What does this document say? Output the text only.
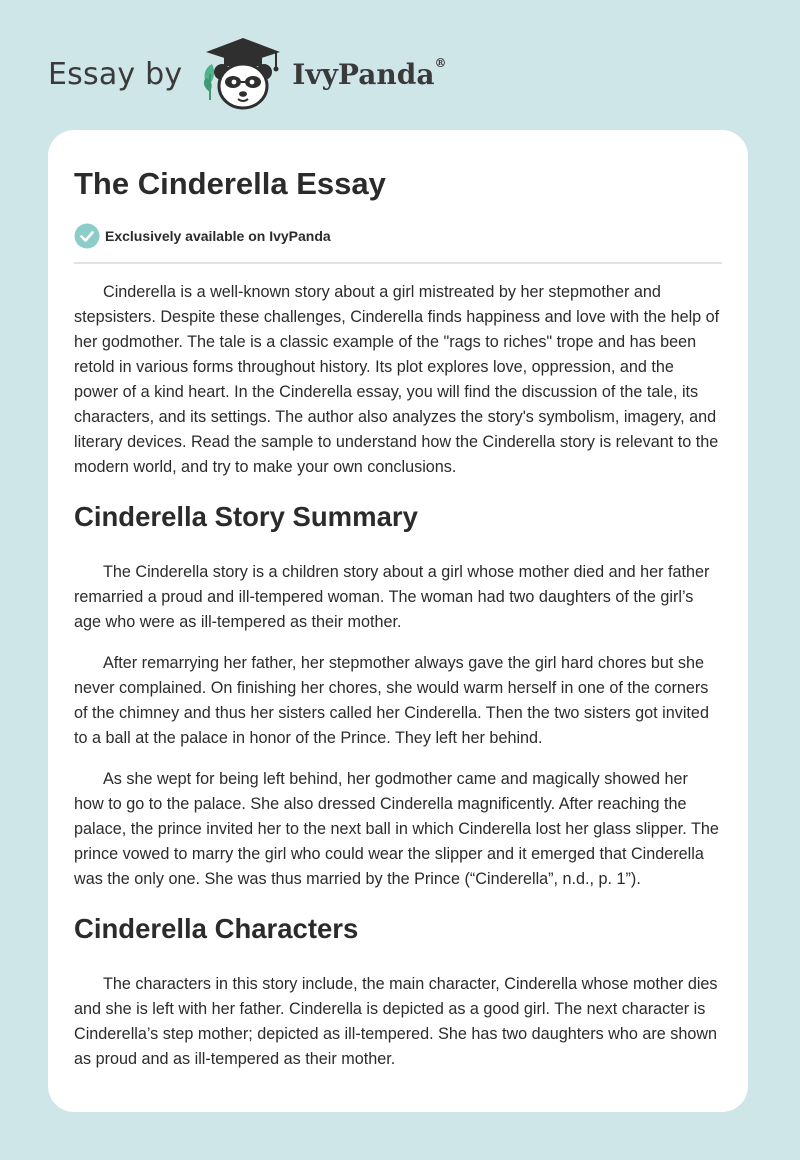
Essay by	IvyPanda®
The Cinderella Essay
Exclusively available on IvyPanda

Cinderella is a well-known story about a girl mistreated by her stepmother and stepsisters. Despite these challenges, Cinderella finds happiness and love with the help of her godmother. The tale is a classic example of the "rags to riches" trope and has been retold in various forms throughout history. Its plot explores love, oppression, and the power of a kind heart. In the Cinderella essay, you will find the discussion of the tale, its characters, and its settings. The author also analyzes the story's symbolism, imagery, and literary devices. Read the sample to understand how the Cinderella story is relevant to the modern world, and try to make your own conclusions.

Cinderella Story Summary

The Cinderella story is a children story about a girl whose mother died and her father remarried a proud and ill-tempered woman. The woman had two daughters of the girl’s age who were as ill-tempered as their mother.

After remarrying her father, her stepmother always gave the girl hard chores but she never complained. On finishing her chores, she would warm herself in one of the corners of the chimney and thus her sisters called her Cinderella. Then the two sisters got invited to a ball at the palace in honor of the Prince. They left her behind.

As she wept for being left behind, her godmother came and magically showed her how to go to the palace. She also dressed Cinderella magnificently. After reaching the palace, the prince invited her to the next ball in which Cinderella lost her glass slipper. The prince vowed to marry the girl who could wear the slipper and it emerged that Cinderella was the only one. She was thus married by the Prince (“Cinderella”, n.d., p. 1”).

Cinderella Characters

The characters in this story include, the main character, Cinderella whose mother dies and she is left with her father. Cinderella is depicted as a good girl. The next character is Cinderella’s step mother; depicted as ill-tempered. She has two daughters who are shown as proud and as ill-tempered as their mother.
